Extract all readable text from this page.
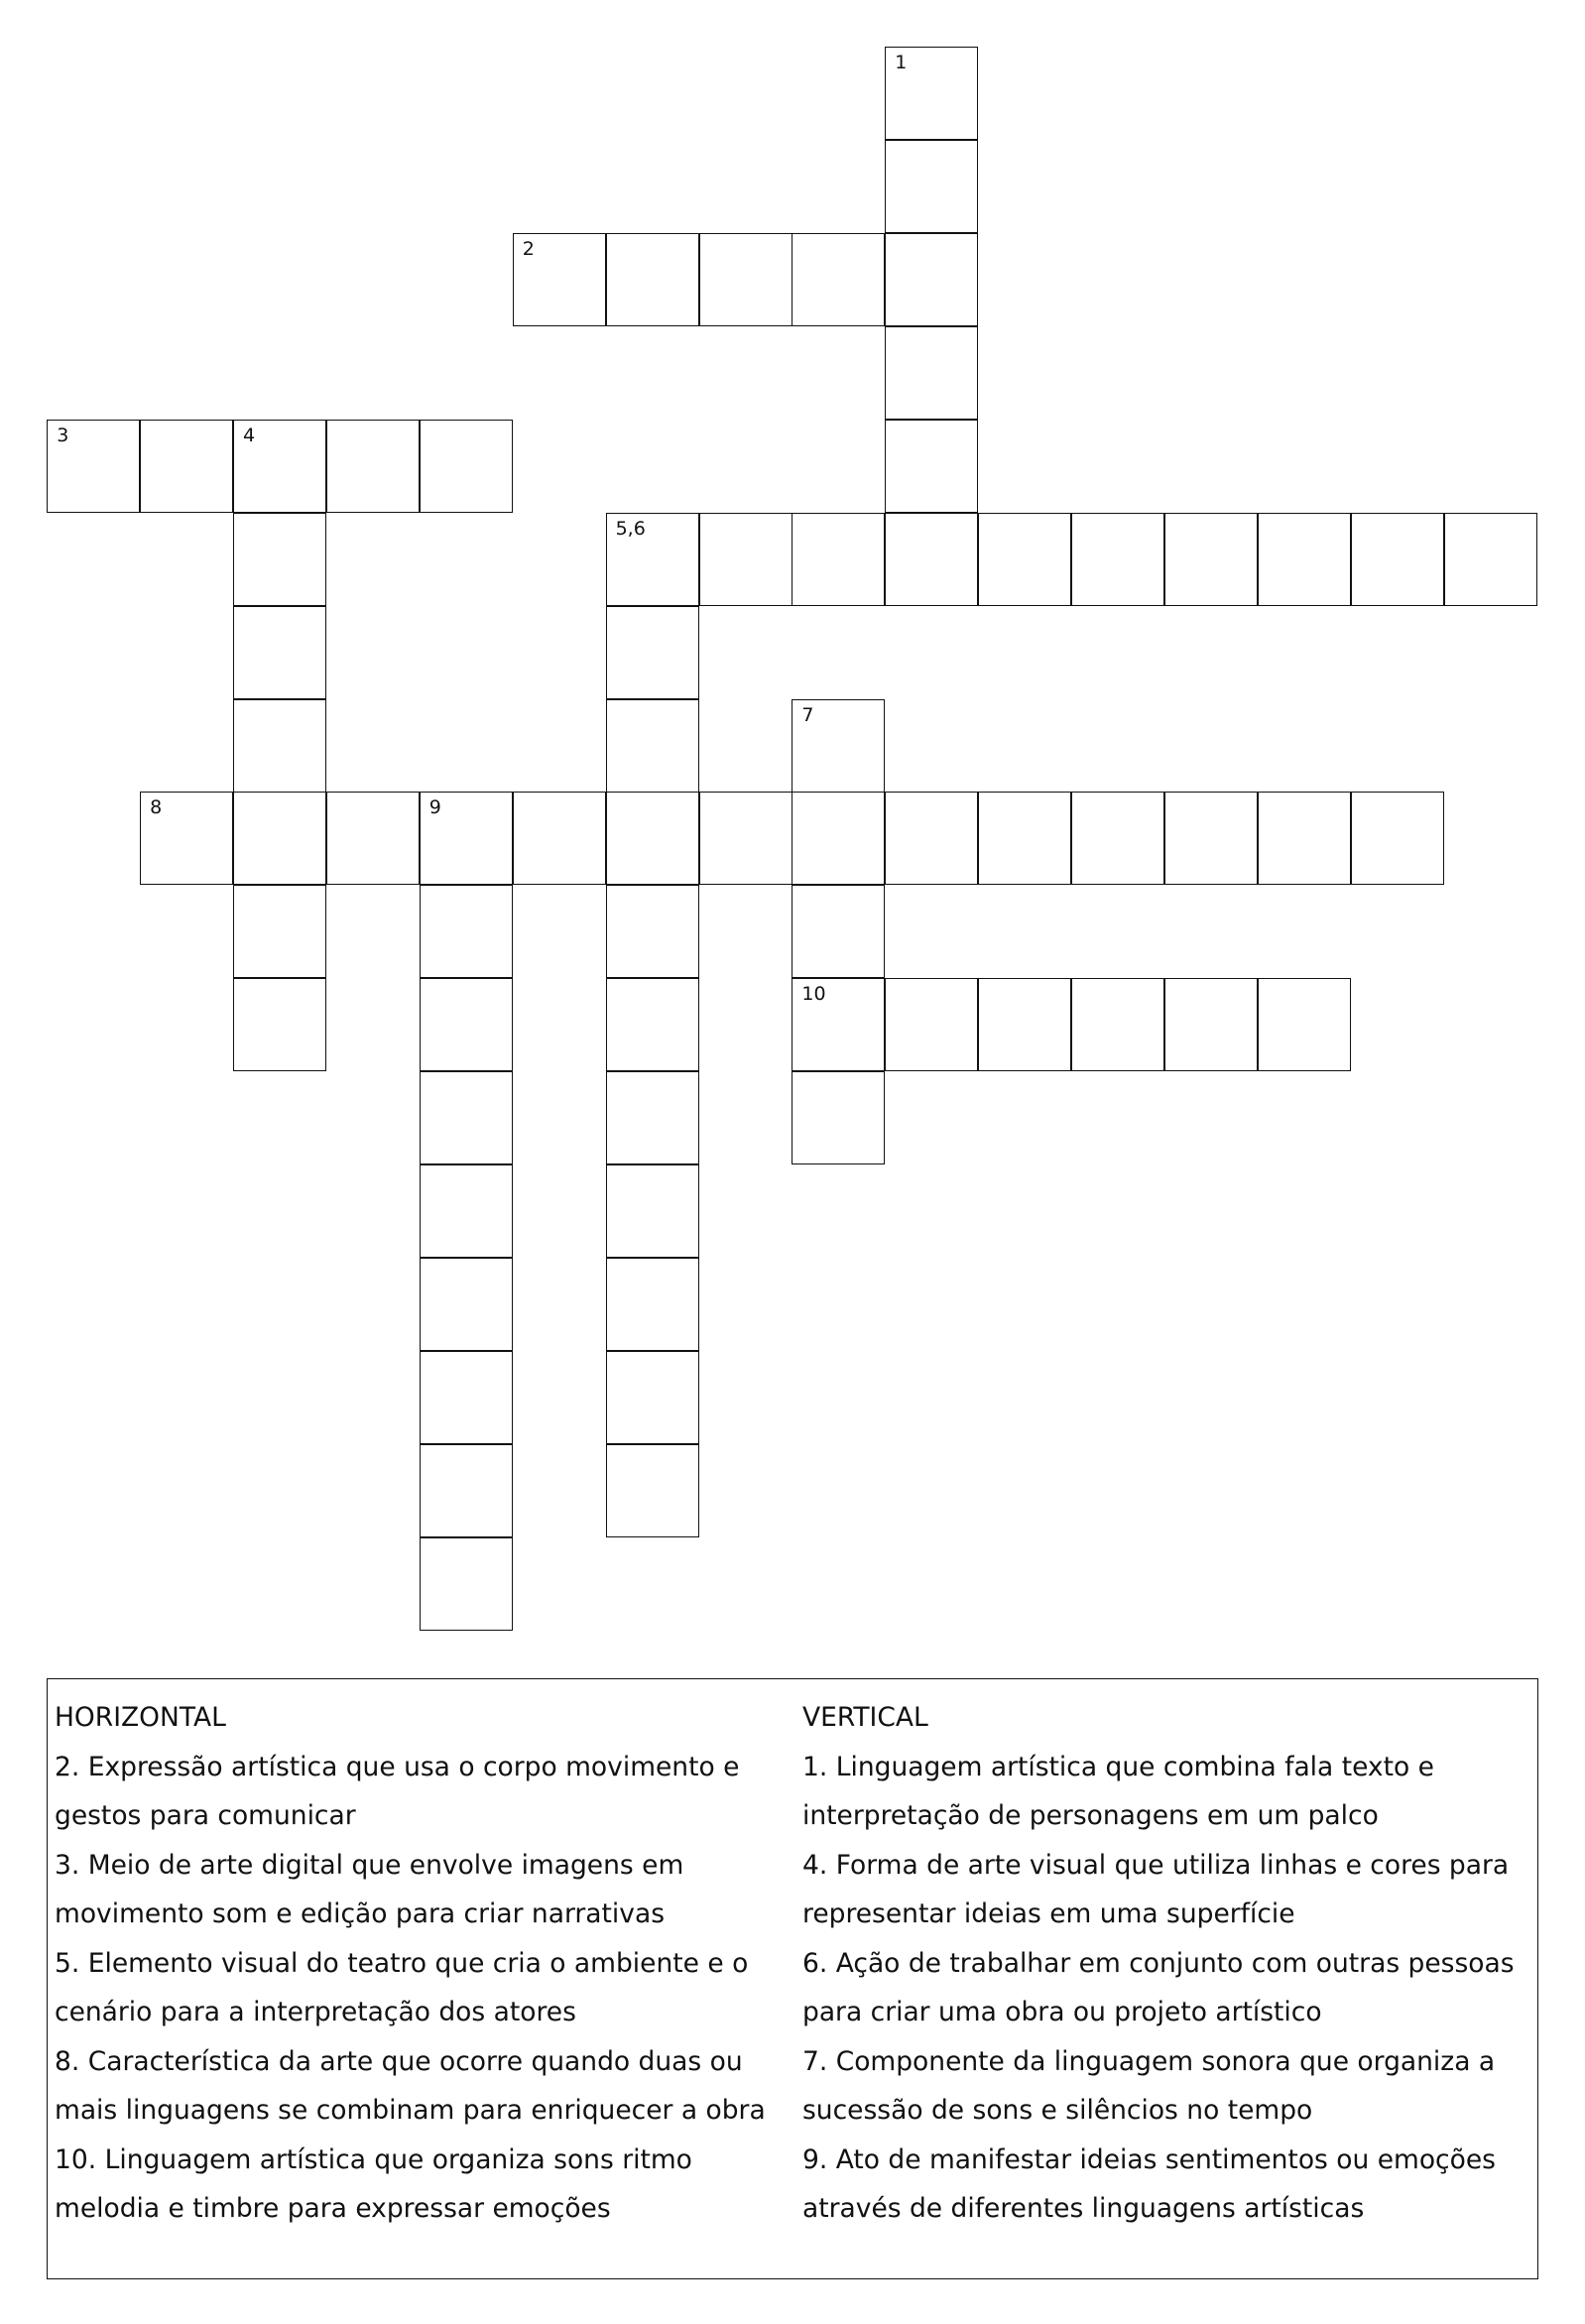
1
2
3	4
5,6
7
10
8	9

HORIZONTAL

2. Expressão artística que usa o corpo movimento e gestos para comunicar

3. Meio de arte digital que envolve imagens em movimento som e edição para criar narrativas

5. Elemento visual do teatro que cria o ambiente e o cenário para a interpretação dos atores

8. Característica da arte que ocorre quando duas ou mais linguagens se combinam para enriquecer a obra

10. Linguagem artística que organiza sons ritmo melodia e timbre para expressar emoções

VERTICAL

1. Linguagem artística que combina fala texto e interpretação de personagens em um palco

4. Forma de arte visual que utiliza linhas e cores para representar ideias em uma superfície

6. Ação de trabalhar em conjunto com outras pessoas para criar uma obra ou projeto artístico

7. Componente da linguagem sonora que organiza a sucessão de sons e silêncios no tempo

9. Ato de manifestar ideias sentimentos ou emoções através de diferentes linguagens artísticas
